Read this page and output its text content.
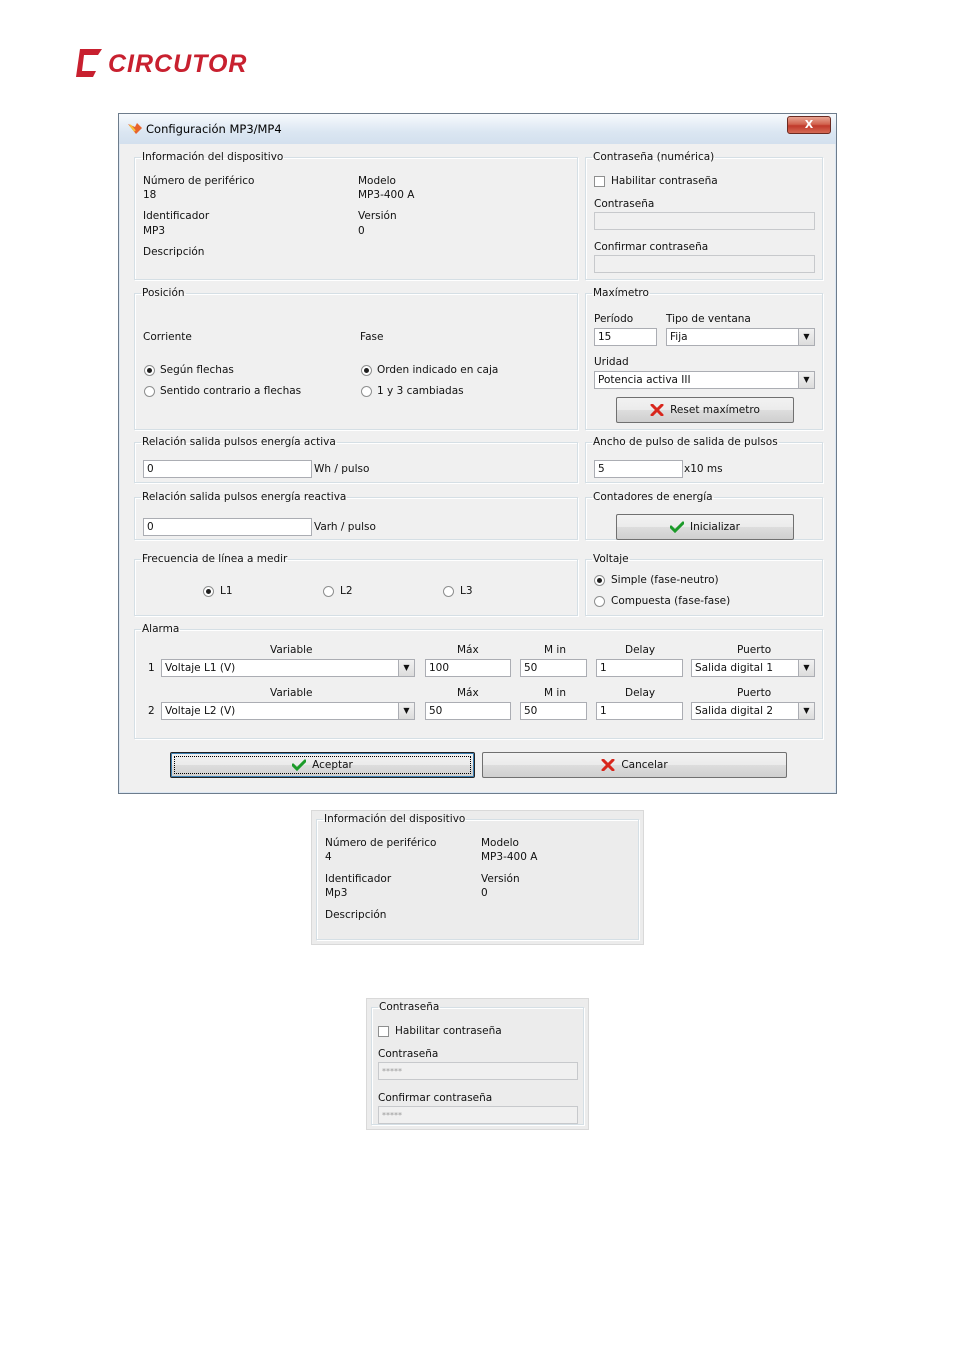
CIRCUTOR
Configuración MP3/MP4	X
Información del dispositivo
Número de periférico
18
Modelo
MP3-400 A
Identificador
MP3
Versión
0
Descripción
Contraseña (numérica)
Habilitar contraseña
Contraseña
Confirmar contraseña
Posición
Corriente	Fase
Según flechas
Sentido contrario a flechas
Orden indicado en caja
1 y 3 cambiadas
Maxímetro
Período
15
Tipo de ventana
Fija	▼
Uridad
Potencia activa III	▼
Reset maxímetro
Relación salida pulsos energía activa
0	Wh / pulso
Ancho de pulso de salida de pulsos
5	x10 ms
Relación salida pulsos energía reactiva
0	Varh / pulso
Contadores de energía
Inicializar
Frecuencia de línea a medir
L1	L2	L3
Voltaje
Simple (fase-neutro)
Compuesta (fase-fase)
Alarma
Variable	Máx	M in	Delay	Puerto
1 Voltaje L1 (V)	▼	100	50	1	Salida digital 1	▼
Variable	Máx	M in	Delay	Puerto
2 Voltaje L2 (V)	▼	50	50	1	Salida digital 2	▼
Aceptar	Cancelar
Información del dispositivo
Número de periférico
4
Modelo
MP3-400 A
Identificador
Mp3
Versión
0
Descripción
Contraseña
Habilitar contraseña
Contraseña
*****
Confirmar contraseña
*****
